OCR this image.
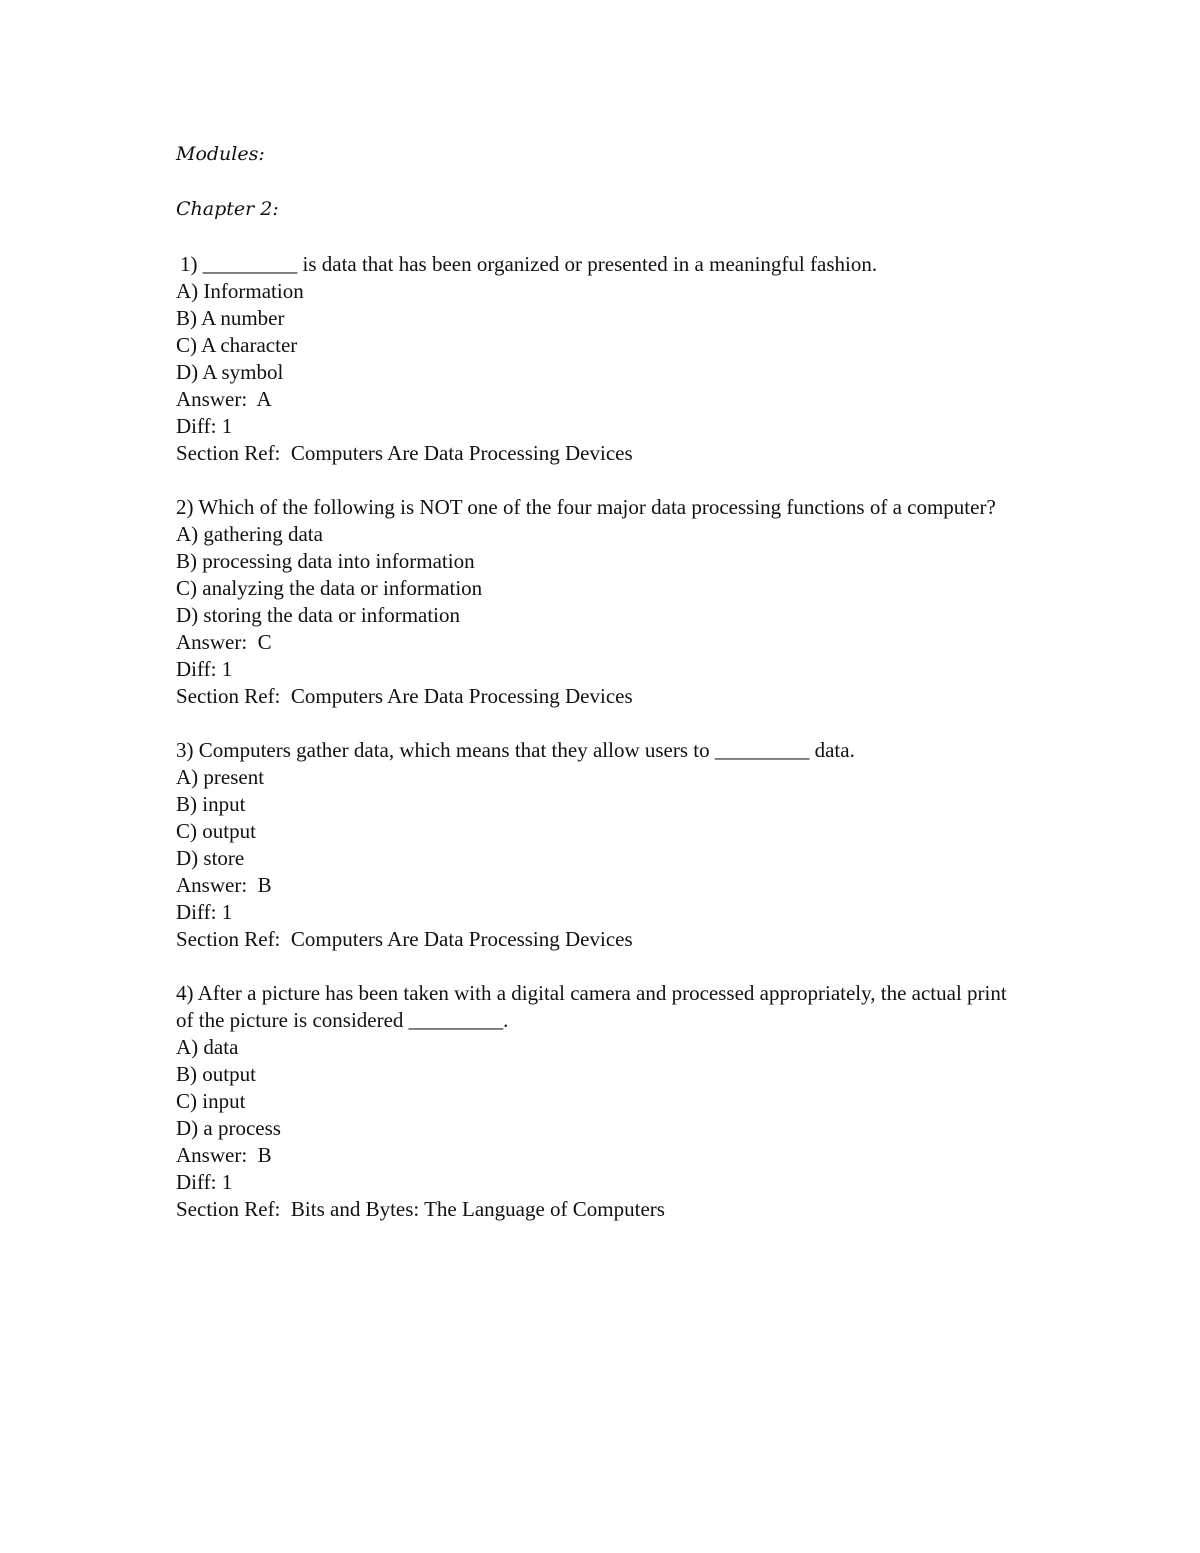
Modules:

Chapter 2:

1) _________ is data that has been organized or presented in a meaningful fashion.
A) Information
B) A number
C) A character
D) A symbol
Answer:  A
Diff: 1
Section Ref:  Computers Are Data Processing Devices
2) Which of the following is NOT one of the four major data processing functions of a computer?
A) gathering data
B) processing data into information
C) analyzing the data or information
D) storing the data or information
Answer:  C
Diff: 1
Section Ref:  Computers Are Data Processing Devices
3) Computers gather data, which means that they allow users to _________ data.
A) present
B) input
C) output
D) store
Answer:  B
Diff: 1
Section Ref:  Computers Are Data Processing Devices
4) After a picture has been taken with a digital camera and processed appropriately, the actual print of the picture is considered _________.
A) data
B) output
C) input
D) a process
Answer:  B
Diff: 1
Section Ref:  Bits and Bytes: The Language of Computers
